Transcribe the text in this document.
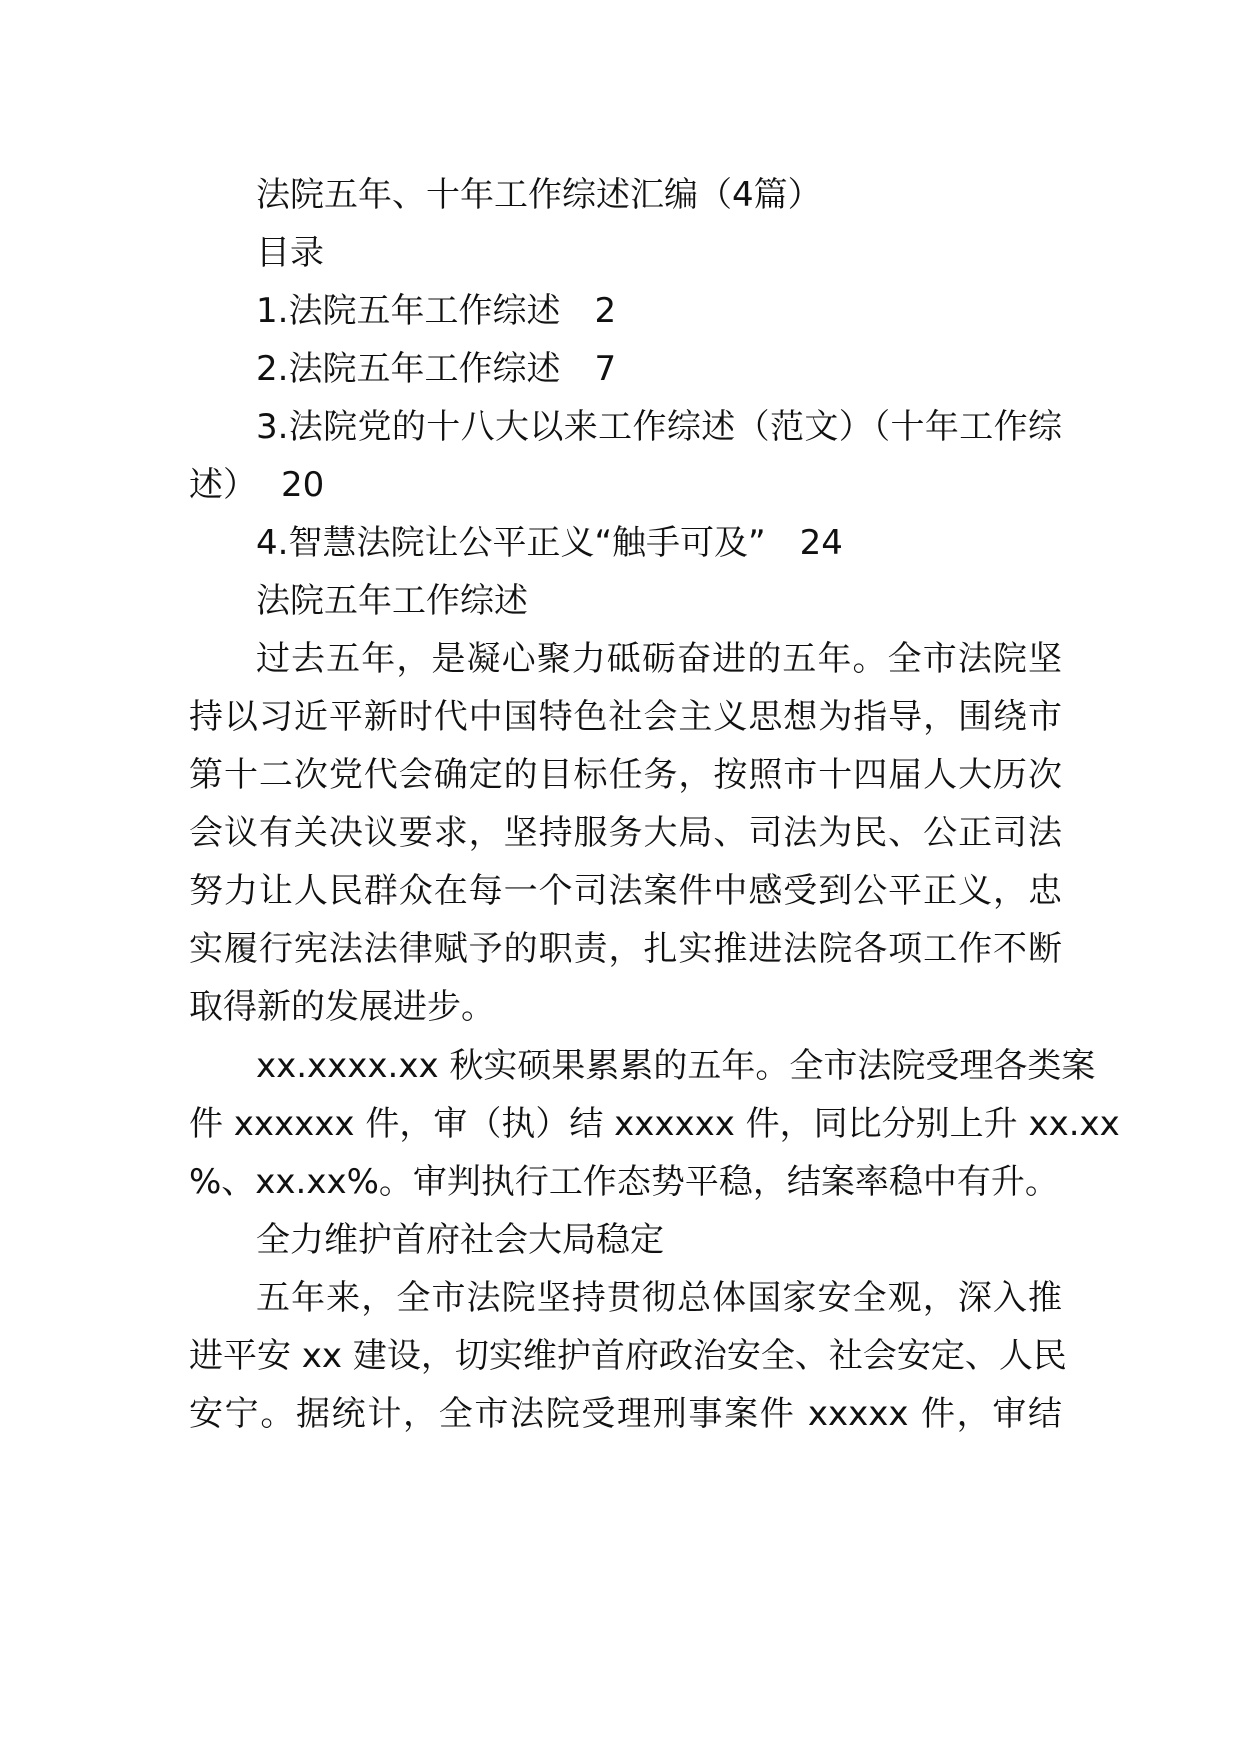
法院五年、十年工作综述汇编（4篇）
目录
1.法院五年工作综述 2
2.法院五年工作综述 7
3.法院党的十八大以来工作综述（范文）（十年工作综
述） 20
4.智慧法院让公平正义“触手可及” 24
法院五年工作综述
过去五年，是凝心聚力砥砺奋进的五年。全市法院坚
持以习近平新时代中国特色社会主义思想为指导，围绕市
第十二次党代会确定的目标任务，按照市十四届人大历次
会议有关决议要求，坚持服务大局、司法为民、公正司法
努力让人民群众在每一个司法案件中感受到公平正义，忠
实履行宪法法律赋予的职责，扎实推进法院各项工作不断
取得新的发展进步。
xx.xxxx.xx 秋实硕果累累的五年。全市法院受理各类案
件 xxxxxx 件，审（执）结 xxxxxx 件，同比分别上升 xx.xx
%、xx.xx%。审判执行工作态势平稳，结案率稳中有升。
全力维护首府社会大局稳定
五年来，全市法院坚持贯彻总体国家安全观，深入推
进平安 xx 建设，切实维护首府政治安全、社会安定、人民
安宁。据统计，全市法院受理刑事案件 xxxxx 件，审结
